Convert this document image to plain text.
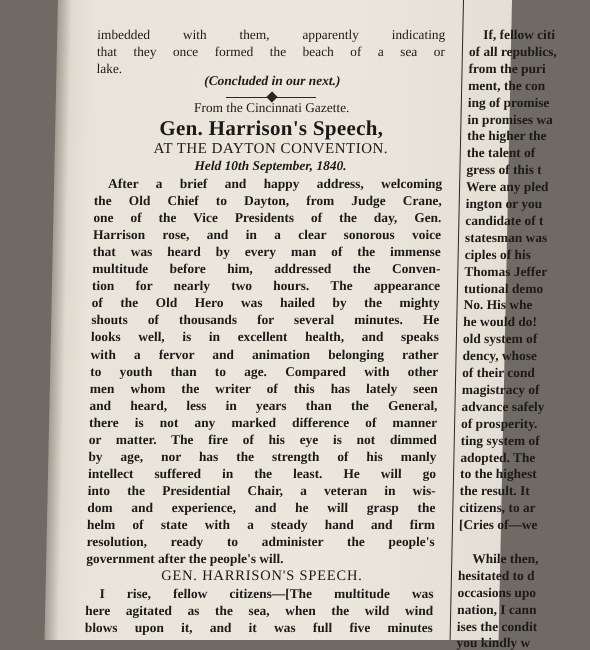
imbedded with them, apparently indicating
that they once formed the beach of a sea or
lake.
(Concluded in our next.)
From the Cincinnati Gazette.
Gen. Harrison's Speech,
AT THE DAYTON CONVENTION.
Held 10th September, 1840.
After a brief and happy address, welcoming
the Old Chief to Dayton, from Judge Crane,
one of the Vice Presidents of the day, Gen.
Harrison rose, and in a clear sonorous voice
that was heard by every man of the immense
multitude before him, addressed the Conven-
tion for nearly two hours. The appearance
of the Old Hero was hailed by the mighty
shouts of thousands for several minutes. He
looks well, is in excellent health, and speaks
with a fervor and animation belonging rather
to youth than to age. Compared with other
men whom the writer of this has lately seen
and heard, less in years than the General,
there is not any marked difference of manner
or matter. The fire of his eye is not dimmed
by age, nor has the strength of his manly
intellect suffered in the least. He will go
into the Presidential Chair, a veteran in wis-
dom and experience, and he will grasp the
helm of state with a steady hand and firm
resolution, ready to administer the people's
government after the people's will.
GEN. HARRISON'S SPEECH.
I rise, fellow citizens—[The multitude was
here agitated as the sea, when the wild wind
blows upon it, and it was full five minutes
If, fellow citi
of all republics,
from the puri
ment, the con
ing of promise
in promises wa
the higher the
the talent of
gress of this t
Were any pled
ington or you
candidate of t
statesman was
ciples of his
Thomas Jeffer
tutional demo
No. His whe
he would do!
old system of
dency, whose
of their cond
magistracy of
advance safely
of prosperity.
ting system of
adopted. The
to the highest
the result. It
citizens, to ar
[Cries of—we
While then,
hesitated to d
occasions upo
nation, I cann
ises the condit
you kindly w
